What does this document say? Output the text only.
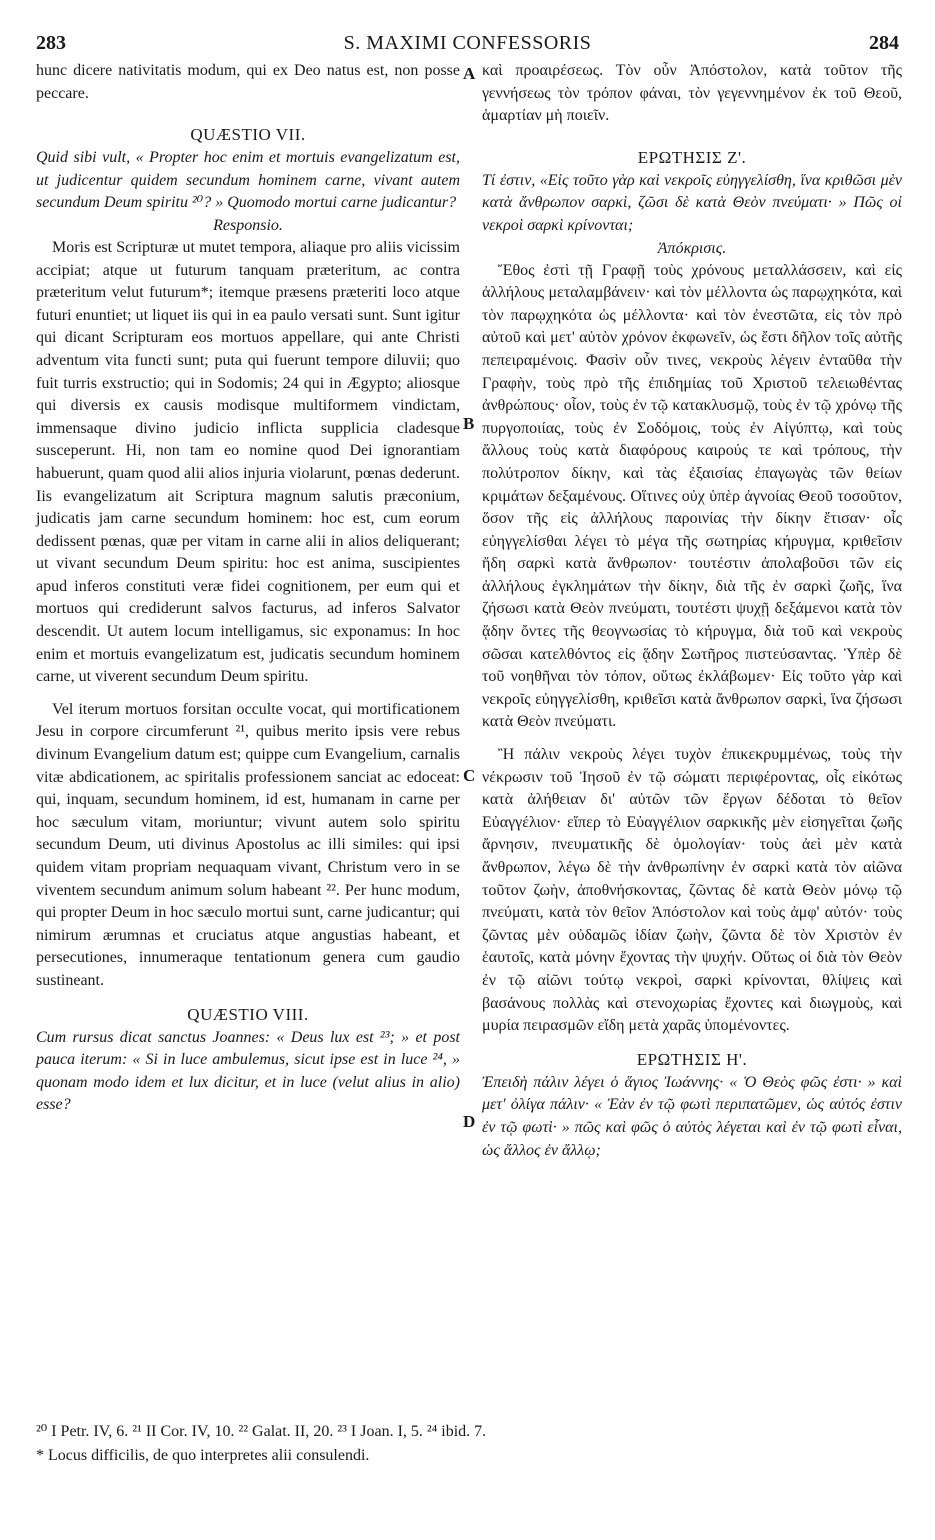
283	S. MAXIMI CONFESSORIS	284
A
B
C
D

hunc dicere nativitatis modum, qui ex Deo natus est, non posse peccare.

QUÆSTIO VII.

Quid sibi vult, « Propter hoc enim et mortuis evangelizatum est, ut judicentur quidem secundum hominem carne, vivant autem secundum Deum spiritu ²⁰? » Quomodo mortui carne judicantur?

Responsio.

Moris est Scripturæ ut mutet tempora, aliaque pro aliis vicissim accipiat; atque ut futurum tanquam præteritum, ac contra præteritum velut futurum*; itemque præsens præteriti loco atque futuri enuntiet; ut liquet iis qui in ea paulo versati sunt. Sunt igitur qui dicant Scripturam eos mortuos appellare, qui ante Christi adventum vita functi sunt; puta qui fuerunt tempore diluvii; quo fuit turris exstructio; qui in Sodomis; 24 qui in Ægypto; aliosque qui diversis ex causis modisque multiformem vindictam, immensaque divino judicio inflicta supplicia cladesque susceperunt. Hi, non tam eo nomine quod Dei ignorantiam habuerunt, quam quod alii alios injuria violarunt, pœnas dederunt. Iis evangelizatum ait Scriptura magnum salutis præconium, judicatis jam carne secundum hominem: hoc est, cum eorum dedissent pœnas, quæ per vitam in carne alii in alios deliquerant; ut vivant secundum Deum spiritu: hoc est anima, suscipientes apud inferos constituti veræ fidei cognitionem, per eum qui et mortuos qui crediderunt salvos facturus, ad inferos Salvator descendit. Ut autem locum intelligamus, sic exponamus: In hoc enim et mortuis evangelizatum est, judicatis secundum hominem carne, ut viverent secundum Deum spiritu.

Vel iterum mortuos forsitan occulte vocat, qui mortificationem Jesu in corpore circumferunt ²¹, quibus merito ipsis vere rebus divinum Evangelium datum est; quippe cum Evangelium, carnalis vitæ abdicationem, ac spiritalis professionem sanciat ac edoceat: qui, inquam, secundum hominem, id est, humanam in carne per hoc sæculum vitam, moriuntur; vivunt autem solo spiritu secundum Deum, uti divinus Apostolus ac illi similes: qui ipsi quidem vitam propriam nequaquam vivant, Christum vero in se viventem secundum animum solum habeant ²². Per hunc modum, qui propter Deum in hoc sæculo mortui sunt, carne judicantur; qui nimirum ærumnas et cruciatus atque angustias habeant, et persecutiones, innumeraque tentationum genera cum gaudio sustineant.

QUÆSTIO VIII.

Cum rursus dicat sanctus Joannes: « Deus lux est ²³; » et post pauca iterum: « Si in luce ambulemus, sicut ipse est in luce ²⁴, » quonam modo idem et lux dicitur, et in luce (velut alius in alio) esse?

καὶ προαιρέσεως. Τὸν οὖν Ἀπόστολον, κατὰ τοῦτον τῆς γεννήσεως τὸν τρόπον φάναι, τὸν γεγεννημένον ἐκ τοῦ Θεοῦ, ἁμαρτίαν μὴ ποιεῖν.

ΕΡΩΤΗΣΙΣ Ζ'.

Τί ἐστιν, «Εἰς τοῦτο γὰρ καὶ νεκροῖς εὐηγγελίσθη, ἵνα κριθῶσι μὲν κατὰ ἄνθρωπον σαρκὶ, ζῶσι δὲ κατὰ Θεὸν πνεύματι· » Πῶς οἱ νεκροὶ σαρκὶ κρίνονται;

Ἀπόκρισις.

Ἔθος ἐστὶ τῇ Γραφῇ τοὺς χρόνους μεταλλάσσειν, καὶ εἰς ἀλλήλους μεταλαμβάνειν· καὶ τὸν μέλλοντα ὡς παρῳχηκότα, καὶ τὸν παρῳχηκότα ὡς μέλλοντα· καὶ τὸν ἐνεστῶτα, εἰς τὸν πρὸ αὐτοῦ καὶ μετ' αὐτὸν χρόνον ἐκφωνεῖν, ὡς ἔστι δῆλον τοῖς αὐτῆς πεπειραμένοις. Φασὶν οὖν τινες, νεκροὺς λέγειν ἐνταῦθα τὴν Γραφὴν, τοὺς πρὸ τῆς ἐπιδημίας τοῦ Χριστοῦ τελειωθέντας ἀνθρώπους· οἷον, τοὺς ἐν τῷ κατακλυσμῷ, τοὺς ἐν τῷ χρόνῳ τῆς πυργοποιίας, τοὺς ἐν Σοδόμοις, τοὺς ἐν Αἰγύπτῳ, καὶ τοὺς ἄλλους τοὺς κατὰ διαφόρους καιρούς τε καὶ τρόπους, τὴν πολύτροπον δίκην, καὶ τὰς ἐξαισίας ἐπαγωγὰς τῶν θείων κριμάτων δεξαμένους. Οἵτινες οὐχ ὑπὲρ ἀγνοίας Θεοῦ τοσοῦτον, ὅσον τῆς εἰς ἀλλήλους παροινίας τὴν δίκην ἔτισαν· οἷς εὐηγγελίσθαι λέγει τὸ μέγα τῆς σωτηρίας κήρυγμα, κριθεῖσιν ἤδη σαρκὶ κατὰ ἄνθρωπον· τουτέστιν ἀπολαβοῦσι τῶν εἰς ἀλλήλους ἐγκλημάτων τὴν δίκην, διὰ τῆς ἐν σαρκὶ ζωῆς, ἵνα ζήσωσι κατὰ Θεὸν πνεύματι, τουτέστι ψυχῇ δεξάμενοι κατὰ τὸν ᾅδην ὄντες τῆς θεογνωσίας τὸ κήρυγμα, διὰ τοῦ καὶ νεκροὺς σῶσαι κατελθόντος εἰς ᾅδην Σωτῆρος πιστεύσαντας. Ὑπὲρ δὲ τοῦ νοηθῆναι τὸν τόπον, οὕτως ἐκλάβωμεν· Εἰς τοῦτο γὰρ καὶ νεκροῖς εὐηγγελίσθη, κριθεῖσι κατὰ ἄνθρωπον σαρκὶ, ἵνα ζήσωσι κατὰ Θεὸν πνεύματι.

Ἢ πάλιν νεκροὺς λέγει τυχὸν ἐπικεκρυμμένως, τοὺς τὴν νέκρωσιν τοῦ Ἰησοῦ ἐν τῷ σώματι περιφέροντας, οἷς εἰκότως κατὰ ἀλήθειαν δι' αὐτῶν τῶν ἔργων δέδοται τὸ θεῖον Εὐαγγέλιον· εἴπερ τὸ Εὐαγγέλιον σαρκικῆς μὲν εἰσηγεῖται ζωῆς ἄρνησιν, πνευματικῆς δὲ ὁμολογίαν· τοὺς ἀεὶ μὲν κατὰ ἄνθρωπον, λέγω δὲ τὴν ἀνθρωπίνην ἐν σαρκὶ κατὰ τὸν αἰῶνα τοῦτον ζωὴν, ἀποθνήσκοντας, ζῶντας δὲ κατὰ Θεὸν μόνῳ τῷ πνεύματι, κατὰ τὸν θεῖον Ἀπόστολον καὶ τοὺς ἀμφ' αὐτόν· τοὺς ζῶντας μὲν οὐδαμῶς ἰδίαν ζωὴν, ζῶντα δὲ τὸν Χριστὸν ἐν ἑαυτοῖς, κατὰ μόνην ἔχοντας τὴν ψυχήν. Οὕτως οἱ διὰ τὸν Θεὸν ἐν τῷ αἰῶνι τούτῳ νεκροὶ, σαρκὶ κρίνονται, θλίψεις καὶ βασάνους πολλὰς καὶ στενοχωρίας ἔχοντες καὶ διωγμοὺς, καὶ μυρία πειρασμῶν εἴδη μετὰ χαρᾶς ὑπομένοντες.

ΕΡΩΤΗΣΙΣ Η'.

Ἐπειδὴ πάλιν λέγει ὁ ἅγιος Ἰωάννης· « Ὁ Θεὸς φῶς ἐστι· » καὶ μετ' ὀλίγα πάλιν· « Ἐὰν ἐν τῷ φωτὶ περιπατῶμεν, ὡς αὐτός ἐστιν ἐν τῷ φωτὶ· » πῶς καὶ φῶς ὁ αὐτὸς λέγεται καὶ ἐν τῷ φωτὶ εἶναι, ὡς ἄλλος ἐν ἄλλῳ;

²⁰ I Petr. IV, 6. ²¹ II Cor. IV, 10. ²² Galat. II, 20. ²³ I Joan. I, 5. ²⁴ ibid. 7.

* Locus difficilis, de quo interpretes alii consulendi.
